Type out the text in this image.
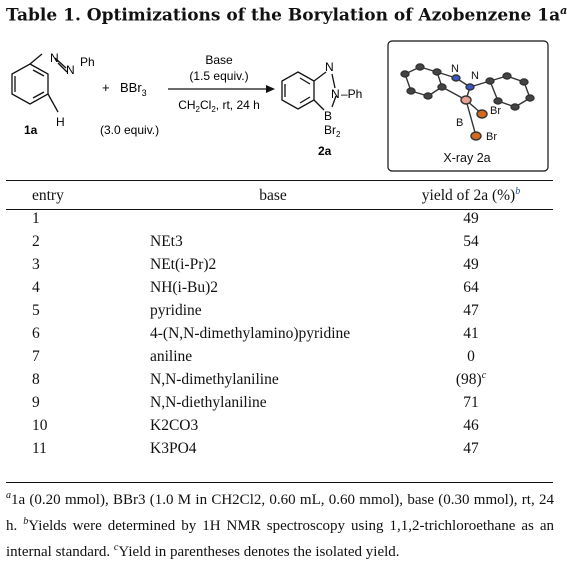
Table 1. Optimizations of the Borylation of Azobenzene $1a^a$
N
N
Ph
H
1a
+ BBr$_3$
(3.0 equiv.)
Base
(1.5 equiv.)
$CH_2Cl_2$, rt, 24 h
N
N –Ph
B
$Br_2$
2a
N
N
B
Br
Br
X-ray 2a
entry	base	yield of 2a (%)$^b$
1		49
2	NEt3	54
3	NEt(i-Pr)2	49
4	NH(i-Bu)2	64
5	pyridine	47
6	4-(N,N-dimethylamino)pyridine	41
7	aniline	0
8	N,N-dimethylaniline	$(98)^c$
9	N,N-diethylaniline	71
10	K2CO3	46
11	K3PO4	47
$^a$1a (0.20 mmol), BBr3 (1.0 M in CH2Cl2, 0.60 mL, 0.60 mmol), base (0.30 mmol), rt, 24 h. $^b$Yields were determined by 1H NMR spectroscopy using 1,1,2-trichloroethane as an internal standard. $^c$Yield in parentheses denotes the isolated yield.
